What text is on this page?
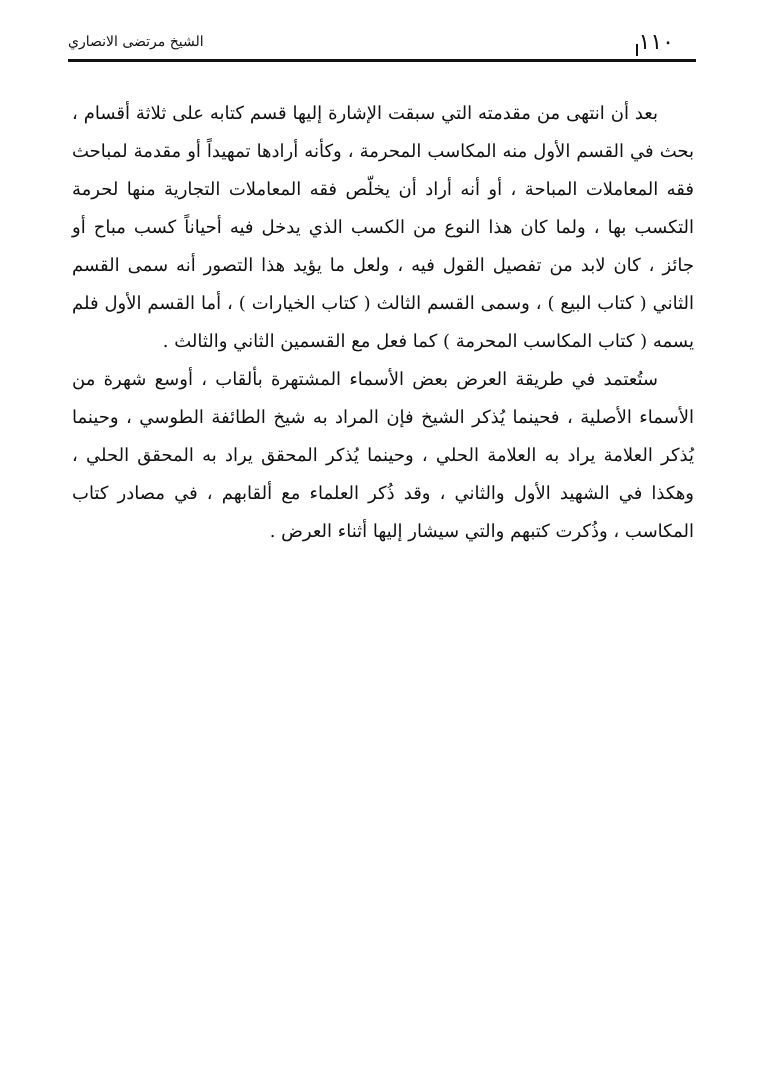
الشيخ مرتضى الانصاري	١١٠

بعد أن انتهى من مقدمته التي سبقت الإشارة إليها قسم كتابه على ثلاثة أقسام ، بحث في القسم الأول منه المكاسب المحرمة ، وكأنه أرادها تمهيداً أو مقدمة لمباحث فقه المعاملات المباحة ، أو أنه أراد أن يخلّص فقه المعاملات التجارية منها لحرمة التكسب بها ، ولما كان هذا النوع من الكسب الذي يدخل فيه أحياناً كسب مباح أو جائز ، كان لابد من تفصيل القول فيه ، ولعل ما يؤيد هذا التصور أنه سمى القسم الثاني ( كتاب البيع ) ، وسمى القسم الثالث ( كتاب الخيارات ) ، أما القسم الأول فلم يسمه ( كتاب المكاسب المحرمة ) كما فعل مع القسمين الثاني والثالث .

ستُعتمد في طريقة العرض بعض الأسماء المشتهرة بألقاب ، أوسع شهرة من الأسماء الأصلية ، فحينما يُذكر الشيخ فإن المراد به شيخ الطائفة الطوسي ، وحينما يُذكر العلامة يراد به العلامة الحلي ، وحينما يُذكر المحقق يراد به المحقق الحلي ، وهكذا في الشهيد الأول والثاني ، وقد ذُكر العلماء مع ألقابهم ، في مصادر كتاب المكاسب ، وذُكرت كتبهم والتي سيشار إليها أثناء العرض .
